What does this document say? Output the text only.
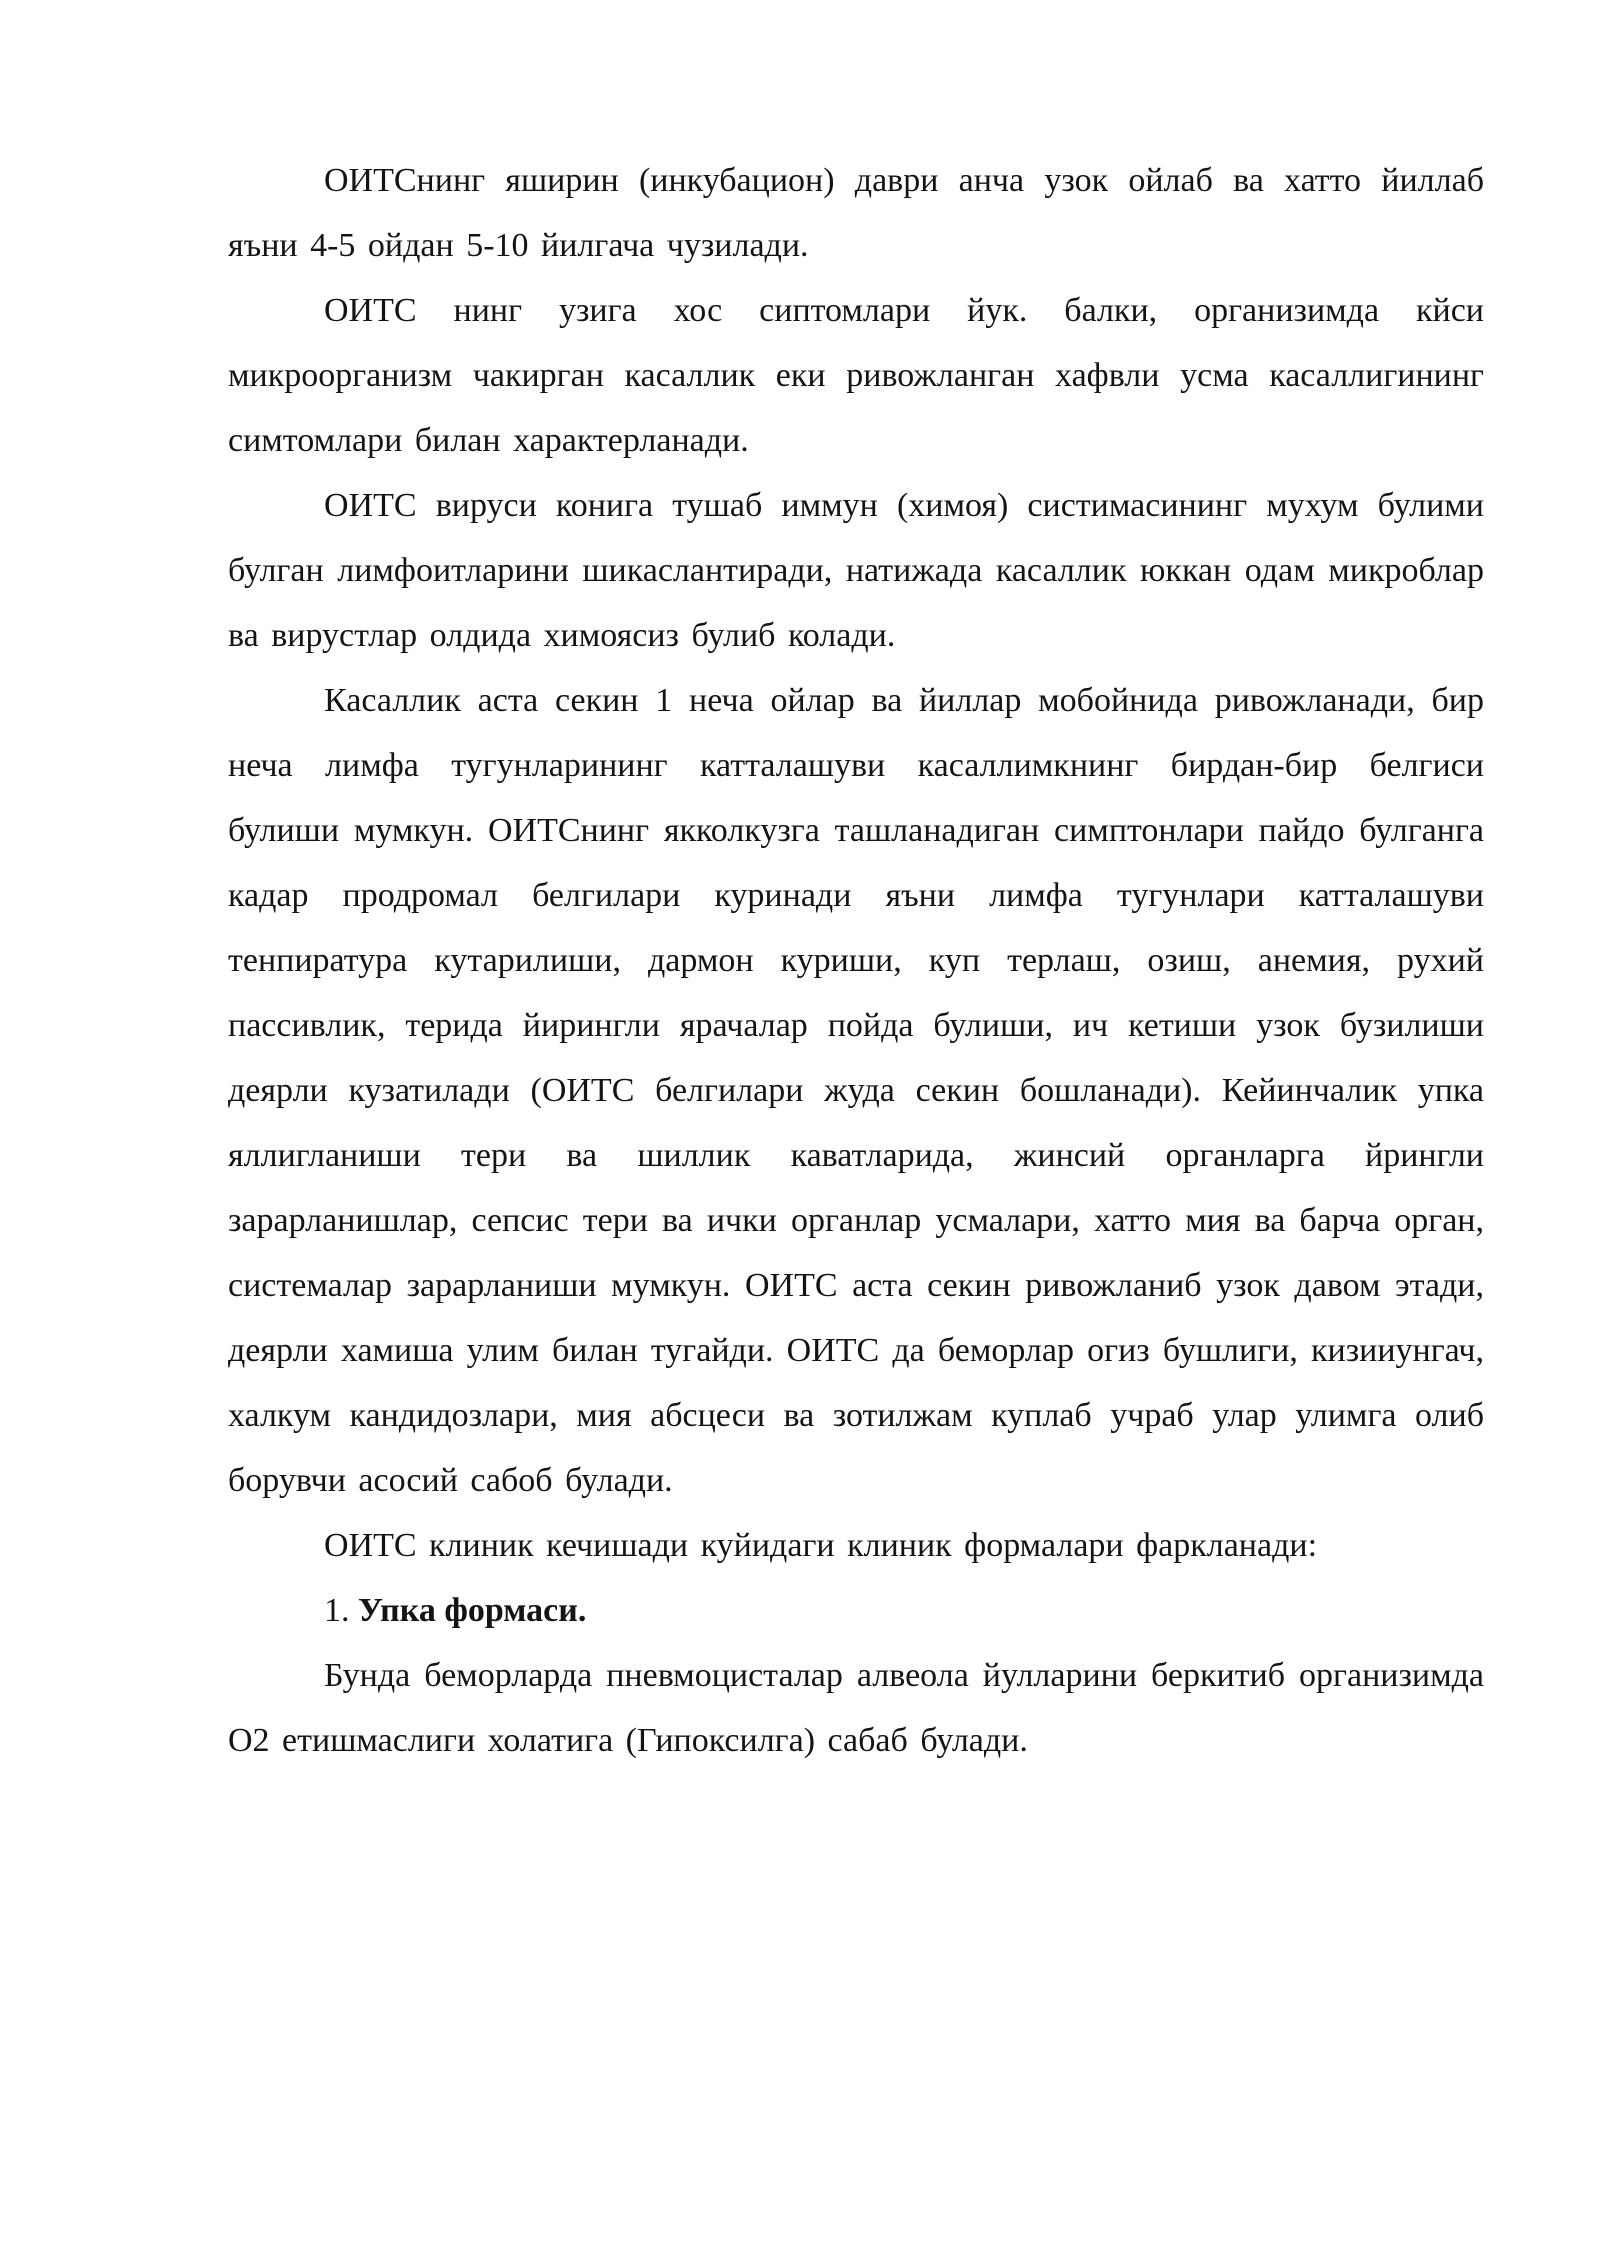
ОИТСнинг яширин (инкубацион) даври анча узок ойлаб ва хатто йиллаб яъни 4-5 ойдан 5-10 йилгача чузилади.

ОИТС нинг узига хос сиптомлари йук. балки, организимда кйси микроорганизм чакирган касаллик еки ривожланган хафвли усма касаллигининг симтомлари билан характерланади.

ОИТС вируси конига тушаб иммун (химоя) систимасининг мухум булими булган лимфоитларини шикаслантиради, натижада касаллик юккан одам микроблар ва вирустлар олдида химоясиз булиб колади.

Касаллик аста секин 1 неча ойлар ва йиллар мобойнида ривожланади, бир неча лимфа тугунларининг катталашуви касаллимкнинг бирдан-бир белгиси булиши мумкун. ОИТСнинг якколкузга ташланадиган симптонлари пайдо булганга кадар продромал белгилари куринади яъни лимфа тугунлари катталашуви тенпиратура кутарилиши, дармон куриши, куп терлаш, озиш, анемия, рухий пассивлик, терида йирингли ярачалар пойда булиши, ич кетиши узок бузилиши деярли кузатилади (ОИТС белгилари жуда секин бошланади). Кейинчалик упка яллигланиши тери ва шиллик каватларида, жинсий органларга йрингли зарарланишлар, сепсис тери ва ички органлар усмалари, хатто мия ва барча орган, системалар зарарланиши мумкун. ОИТС аста секин ривожланиб узок давом этади, деярли хамиша улим билан тугайди. ОИТС да беморлар огиз бушлиги, кизииунгач, халкум кандидозлари, мия абсцеси ва зотилжам куплаб учраб улар улимга олиб борувчи асосий сабоб булади.

ОИТС клиник кечишади куйидаги клиник формалари фаркланади:

1. Упка формаси.

Бунда беморларда пневмоцисталар алвеола йулларини беркитиб организимда O2 етишмаслиги холатига (Гипоксилга) сабаб булади.
